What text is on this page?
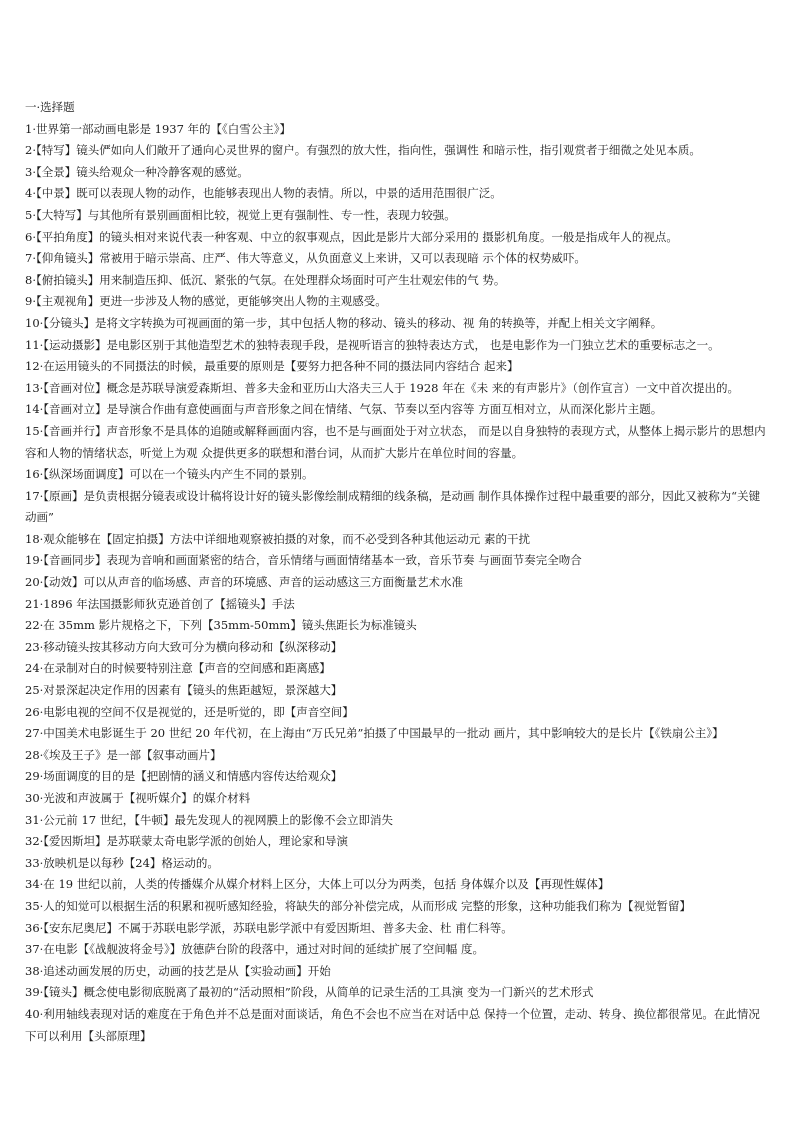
一·选择题
1·世界第一部动画电影是 1937 年的【《白雪公主》】
2·【特写】镜头俨如向人们敞开了通向心灵世界的窗户。有强烈的放大性，指向性，强调性 和暗示性，指引观赏者于细微之处见本质。
3·【全景】镜头给观众一种冷静客观的感觉。
4·【中景】既可以表现人物的动作，也能够表现出人物的表情。所以，中景的适用范围很广泛。
5·【大特写】与其他所有景别画面相比较，视觉上更有强制性、专一性，表现力较强。
6·【平拍角度】的镜头相对来说代表一种客观、中立的叙事观点，因此是影片大部分采用的 摄影机角度。一般是指成年人的视点。
7·【仰角镜头】常被用于暗示崇高、庄严、伟大等意义，从负面意义上来讲，又可以表现暗 示个体的权势威吓。
8·【俯拍镜头】用来制造压抑、低沉、紧张的气氛。在处理群众场面时可产生壮观宏伟的气 势。
9·【主观视角】更进一步涉及人物的感觉，更能够突出人物的主观感受。
10·【分镜头】是将文字转换为可视画面的第一步，其中包括人物的移动、镜头的移动、视 角的转换等，并配上相关文字阐释。
11·【运动摄影】是电影区别于其他造型艺术的独特表现手段，是视听语言的独特表达方式， 也是电影作为一门独立艺术的重要标志之一。
12·在运用镜头的不同摄法的时候，最重要的原则是【要努力把各种不同的摄法同内容结合 起来】
13·【音画对位】概念是苏联导演爱森斯坦、普多夫金和亚历山大洛夫三人于 1928 年在《未 来的有声影片》（创作宣言）一文中首次提出的。
14·【音画对立】是导演合作曲有意使画面与声音形象之间在情绪、气氛、节奏以至内容等 方面互相对立，从而深化影片主题。
15·【音画并行】声音形象不是具体的追随或解释画面内容，也不是与画面处于对立状态， 而是以自身独特的表现方式，从整体上揭示影片的思想内容和人物的情绪状态，听觉上为观 众提供更多的联想和潜台词，从而扩大影片在单位时间的容量。
16·【纵深场面调度】可以在一个镜头内产生不同的景别。
17·【原画】是负责根据分镜表或设计稿将设计好的镜头影像绘制成精细的线条稿，是动画 制作具体操作过程中最重要的部分，因此又被称为“关键动画”
18·观众能够在【固定拍摄】方法中详细地观察被拍摄的对象，而不必受到各种其他运动元 素的干扰
19·【音画同步】表现为音响和画面紧密的结合，音乐情绪与画面情绪基本一致，音乐节奏 与画面节奏完全吻合
20·【动效】可以从声音的临场感、声音的环境感、声音的运动感这三方面衡量艺术水准
21·1896 年法国摄影师狄克逊首创了【摇镜头】手法
22·在 35mm 影片规格之下，下列【35mm-50mm】镜头焦距长为标准镜头
23·移动镜头按其移动方向大致可分为横向移动和【纵深移动】
24·在录制对白的时候要特别注意【声音的空间感和距离感】
25·对景深起决定作用的因素有【镜头的焦距越短，景深越大】
26·电影电视的空间不仅是视觉的，还是听觉的，即【声音空间】
27·中国美术电影诞生于 20 世纪 20 年代初，在上海由“万氏兄弟”拍摄了中国最早的一批动 画片，其中影响较大的是长片【《铁扇公主》】
28·《埃及王子》是一部【叙事动画片】
29·场面调度的目的是【把剧情的涵义和情感内容传达给观众】
30·光波和声波属于【视听媒介】的媒介材料
31·公元前 17 世纪，【牛顿】最先发现人的视网膜上的影像不会立即消失
32·【爱因斯坦】是苏联蒙太奇电影学派的创始人，理论家和导演
33·放映机是以每秒【24】格运动的。
34·在 19 世纪以前，人类的传播媒介从媒介材料上区分，大体上可以分为两类，包括 身体媒介以及【再现性媒体】
35·人的知觉可以根据生活的积累和视听感知经验，将缺失的部分补偿完成，从而形成 完整的形象，这种功能我们称为【视觉暂留】
36·【安东尼奥尼】不属于苏联电影学派，苏联电影学派中有爱因斯坦、普多夫金、杜 甫仁科等。
37·在电影【《战舰波将金号》】放德萨台阶的段落中，通过对时间的延续扩展了空间幅 度。
38·追述动画发展的历史，动画的技艺是从【实验动画】开始
39·【镜头】概念使电影彻底脱离了最初的“活动照相”阶段，从简单的记录生活的工具演 变为一门新兴的艺术形式
40·利用轴线表现对话的难度在于角色并不总是面对面谈话，角色不会也不应当在对话中总 保持一个位置，走动、转身、换位都很常见。在此情况下可以利用【头部原理】
